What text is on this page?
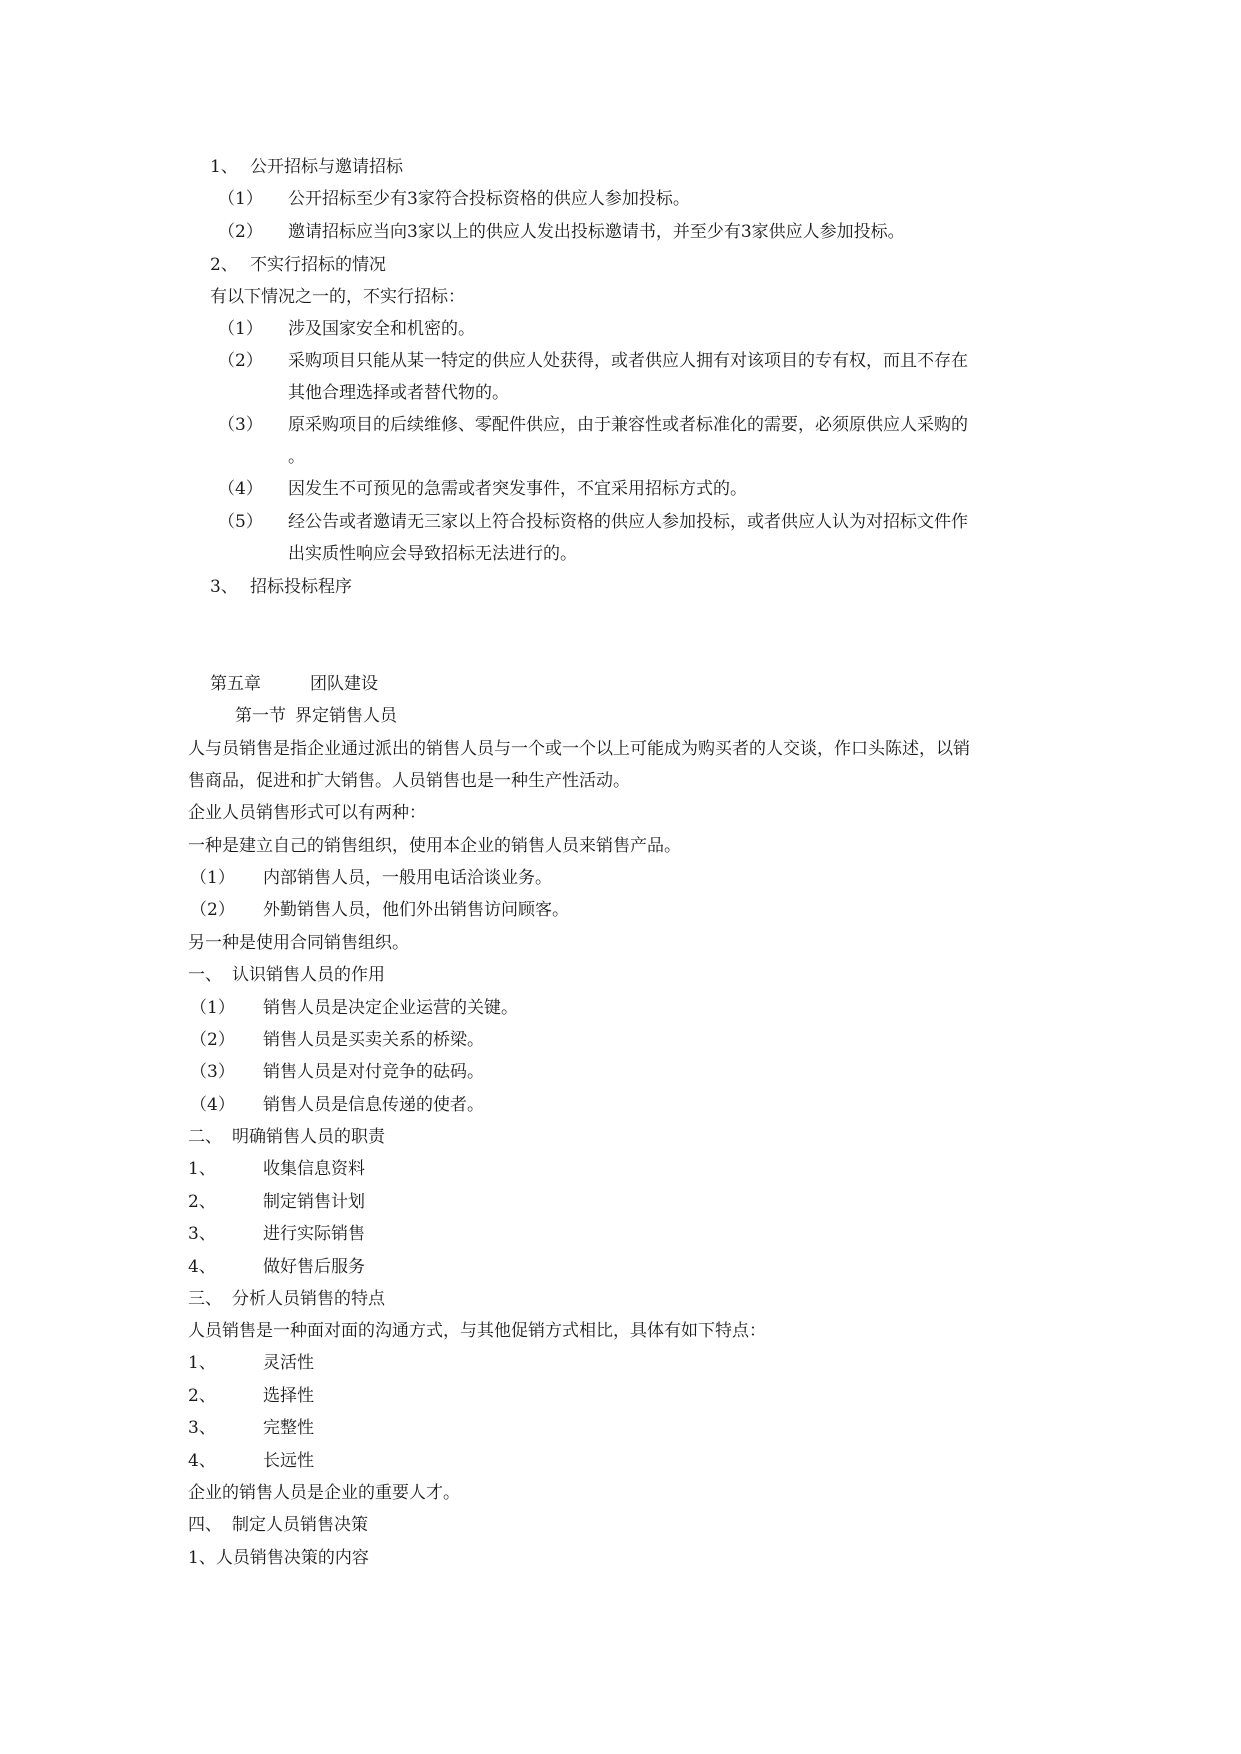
1、 公开招标与邀请招标
（1） 公开招标至少有3家符合投标资格的供应人参加投标。
（2） 邀请招标应当向3家以上的供应人发出投标邀请书，并至少有3家供应人参加投标。
2、 不实行招标的情况
有以下情况之一的，不实行招标：
（1） 涉及国家安全和机密的。
（2） 采购项目只能从某一特定的供应人处获得，或者供应人拥有对该项目的专有权，而且不存在
其他合理选择或者替代物的。
（3） 原采购项目的后续维修、零配件供应，由于兼容性或者标准化的需要，必须原供应人采购的
。
（4） 因发生不可预见的急需或者突发事件，不宜采用招标方式的。
（5） 经公告或者邀请无三家以上符合投标资格的供应人参加投标，或者供应人认为对招标文件作
出实质性响应会导致招标无法进行的。
3、 招标投标程序
第五章	团队建设
第一节 界定销售人员
人与员销售是指企业通过派出的销售人员与一个或一个以上可能成为购买者的人交谈，作口头陈述，以销
售商品，促进和扩大销售。人员销售也是一种生产性活动。
企业人员销售形式可以有两种：
一种是建立自己的销售组织，使用本企业的销售人员来销售产品。
（1） 内部销售人员，一般用电话洽谈业务。
（2） 外勤销售人员，他们外出销售访问顾客。
另一种是使用合同销售组织。
一、 认识销售人员的作用
（1） 销售人员是决定企业运营的关键。
（2） 销售人员是买卖关系的桥梁。
（3） 销售人员是对付竞争的砝码。
（4） 销售人员是信息传递的使者。
二、 明确销售人员的职责
1、	收集信息资料
2、	制定销售计划
3、	进行实际销售
4、	做好售后服务
三、 分析人员销售的特点
人员销售是一种面对面的沟通方式，与其他促销方式相比，具体有如下特点：
1、	灵活性
2、	选择性
3、	完整性
4、	长远性
企业的销售人员是企业的重要人才。
四、 制定人员销售决策
1、人员销售决策的内容
